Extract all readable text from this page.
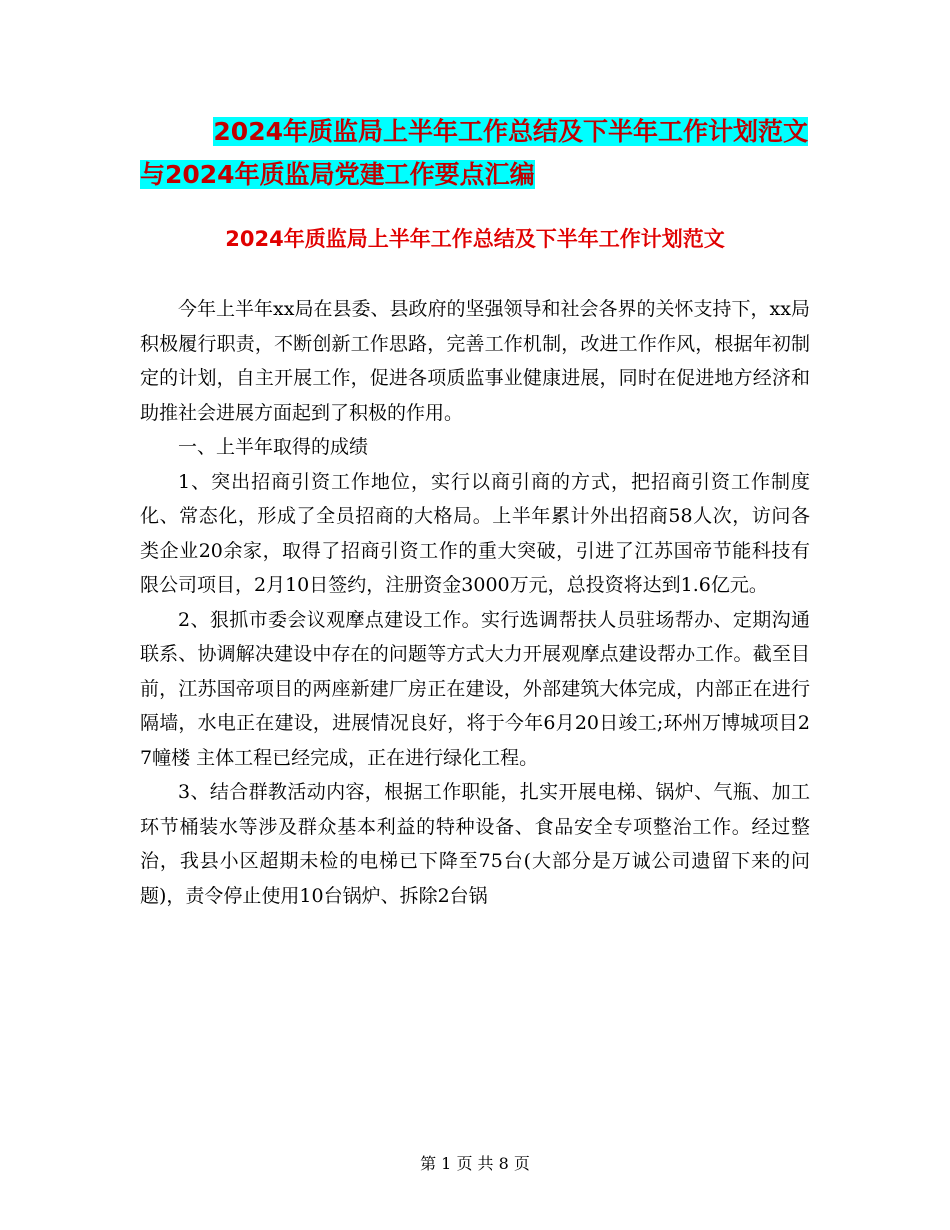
2024年质监局上半年工作总结及下半年工作计划范文
与2024年质监局党建工作要点汇编
2024年质监局上半年工作总结及下半年工作计划范文

今年上半年xx局在县委、县政府的坚强领导和社会各界的关怀支持下，xx局积极履行职责，不断创新工作思路，完善工作机制，改进工作作风，根据年初制定的计划，自主开展工作，促进各项质监事业健康进展，同时在促进地方经济和助推社会进展方面起到了积极的作用。

一、上半年取得的成绩

1、突出招商引资工作地位，实行以商引商的方式，把招商引资工作制度化、常态化，形成了全员招商的大格局。上半年累计外出招商58人次，访问各类企业20余家，取得了招商引资工作的重大突破，引进了江苏国帝节能科技有限公司项目，2月10日签约，注册资金3000万元，总投资将达到1.6亿元。

2、狠抓市委会议观摩点建设工作。实行选调帮扶人员驻场帮办、定期沟通联系、协调解决建设中存在的问题等方式大力开展观摩点建设帮办工作。截至目前，江苏国帝项目的两座新建厂房正在建设，外部建筑大体完成，内部正在进行隔墙，水电正在建设，进展情况良好，将于今年6月20日竣工;环州万博城项目27幢楼 主体工程已经完成，正在进行绿化工程。

3、结合群教活动内容，根据工作职能，扎实开展电梯、锅炉、气瓶、加工环节桶装水等涉及群众基本利益的特种设备、食品安全专项整治工作。经过整治，我县小区超期未检的电梯已下降至75台(大部分是万诚公司遗留下来的问题)，责令停止使用10台锅炉、拆除2台锅

第 1 页 共 8 页
